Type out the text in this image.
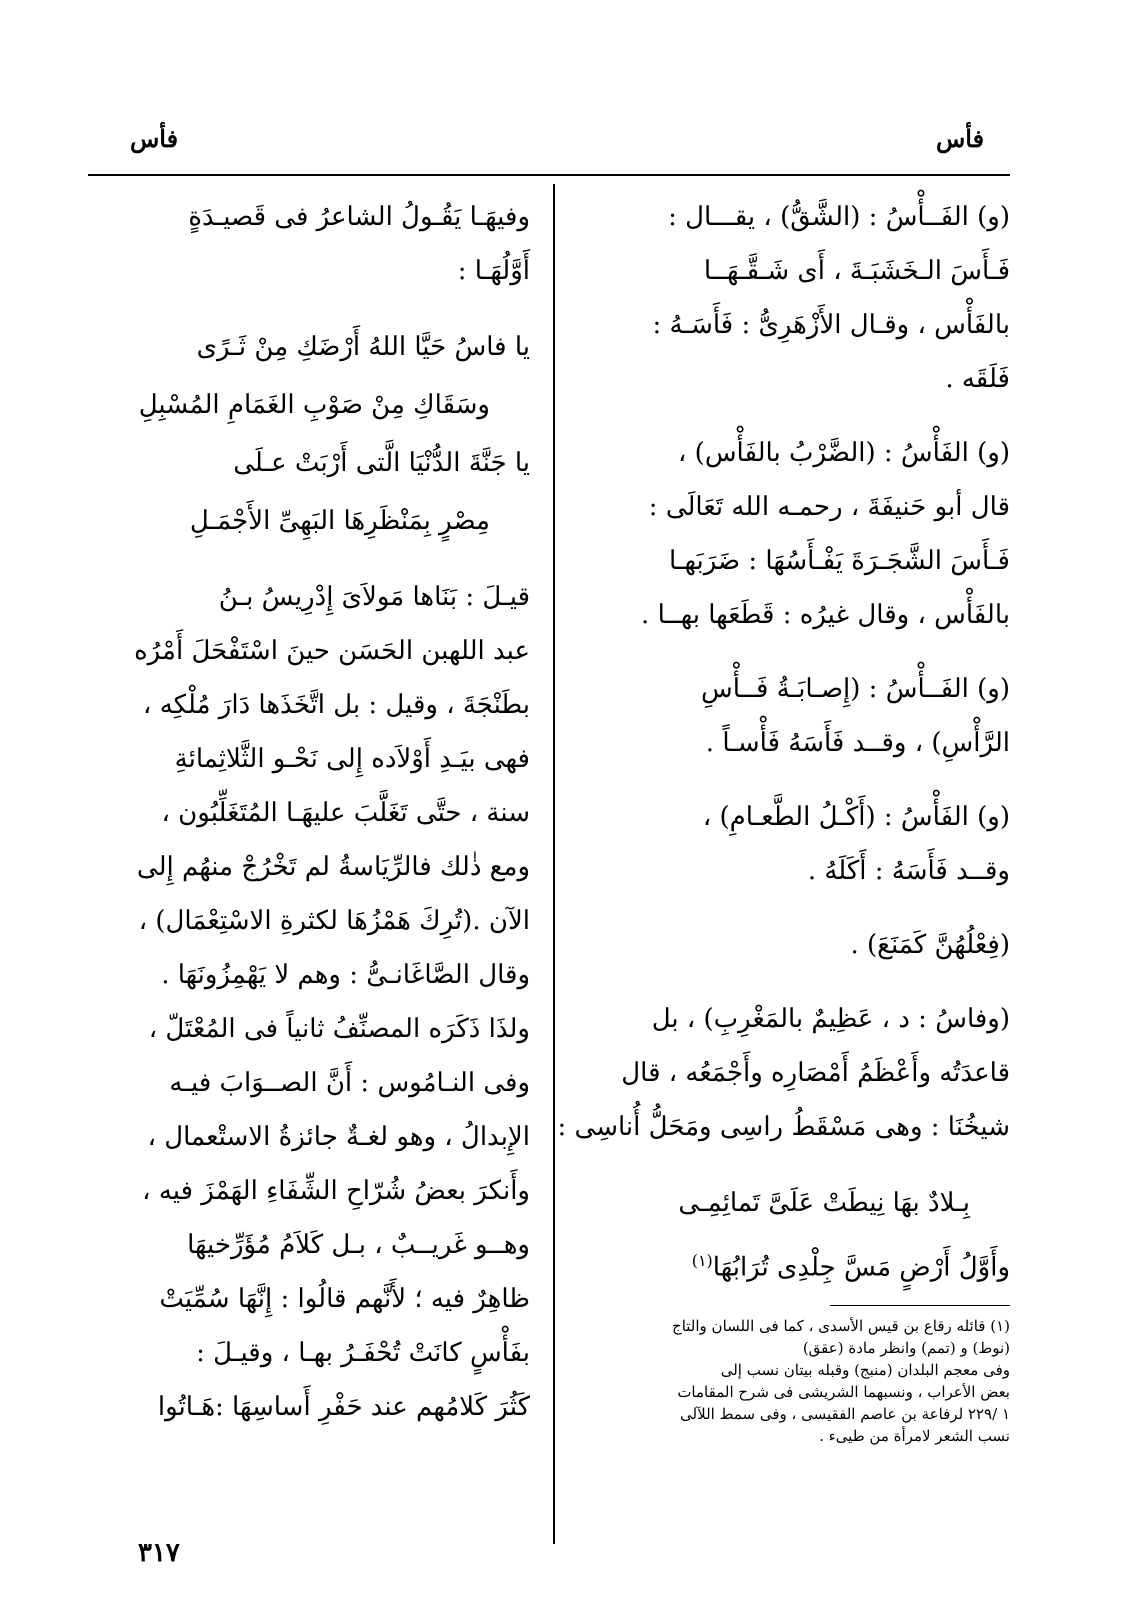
فأس
فأس
(و) الفَــأْسُ : (الشَّقُّ) ، يقـــال :
فَـأَسَ الـخَشَبَـةَ ، أَى شَـقَّـهَــا
بالفَأْس ، وقـال الأَزْهَرِىُّ : فَأَسَـهُ :
فَلَقَه .
(و) الفَأْسُ : (الضَّرْبُ بالفَأْس) ،
قال أبو حَنيفَةَ ، رحمـه الله تَعَالَى :
فَـأَسَ الشَّجَـرَةَ يَفْـأَسُهَا : ضَرَبَهـا
بالفَأْس ، وقال غيرُه : قَطَعَها بهــا .
(و) الفَــأْسُ : (إِصـابَـةُ فَــأْسِ
الرَّأْسِ) ، وقــد فَأَسَهُ فَأْسـاً .
(و) الفَأْسُ : (أَكْـلُ الطَّعـامِ) ،
وقــد فَأَسَهُ : أَكَلَهُ .
(فِعْلُهُنَّ كَمَنَعَ) .
(وفاسُ : د ، عَظِيمٌ بالمَغْرِبِ) ، بل
قاعدَتُه وأَعْظَمُ أَمْصَارِه وأَجْمَعُه ، قال
شيخُنَا : وهى مَسْقَطُ راسِى ومَحَلُّ أُناسِى :
بِـلادٌ بهَا نِيطَتْ عَلَىَّ تَمائِمِـى
وأَوَّلُ أَرْضٍ مَسَّ جِلْدِى تُرَابُهَا$^{(١)}$
وفيهَـا يَقُـولُ الشاعرُ فى قَصيـدَةٍ
أَوَّلُهَـا :
يا فاسُ حَيَّا اللهُ أَرْضَكِ مِنْ ثَـرًى
وسَقَاكِ مِنْ صَوْبِ الغَمَامِ المُسْبِلِ
يا جَنَّةَ الدُّنْيَا الَّتى أَرْبَتْ عـلَى
مِصْرٍ بِمَنْظَرِهَا البَهِىِّ الأَجْمَـلِ
قيـلَ : بَنَاها مَولاَىَ إِدْرِيسُ بـنُ
عبد اللهبن الحَسَن حينَ اسْتَفْحَلَ أَمْرُه
بطَنْجَةَ ، وقيل : بل اتَّخَذَها دَارَ مُلْكِه ،
فهى بيَـدِ أَوْلاَده إِلى نَحْـو الثَّلاثِمائةِ
سنة ، حتَّى تَغَلَّبَ عليهَـا المُتَغَلِّبُون ،
ومع ذٰلك فالرِّيَاسةُ لم تَخْرُجْ منهُم إِلى
الآن .(تُرِكَ هَمْزُهَا لكثرةِ الاسْتِعْمَال) ،
وقال الصَّاغَانـىُّ : وهم لا يَهْمِزُونَهَا .
ولذَا ذَكَرَه المصنِّفُ ثانياً فى المُعْتَلّ ،
وفى النـامُوس : أَنَّ الصــوَابَ فيـه
الإِبدالُ ، وهو لغـةٌ جائزةُ الاستْعمال ،
وأَنكرَ بعضُ شُرّاحِ الشِّفَاءِ الهَمْزَ فيه ،
وهــو غَريــبٌ ، بـل كَلاَمُ مُؤَرِّخيهَا
ظاهِرٌ فيه ؛ لأَنَّهم قالُوا : إِنَّهَا سُمِّيَتْ
بفَأْسٍ كانَتْ تُحْفَـرُ بهـا ، وقيـلَ :
كَثُرَ كَلامُهم عند حَفْرِ أَساسِهَا :هَـاتُوا
(١) قائله رقاع بن قيس الأسدى ، كما فى اللسان والتاج
(نوط) و (تمم) وانظر مادة (عقق)
وفى معجم البلدان (منبج) وقبله بيتان نسب إلى
بعض الأعراب ، ونسبهما الشريشى فى شرح المقامات
١ /٢٢٩ لرفاعة بن عاصم الفقيسى ، وفى سمط اللآلى
نسب الشعر لامرأة من طيىء .
٣١٧
